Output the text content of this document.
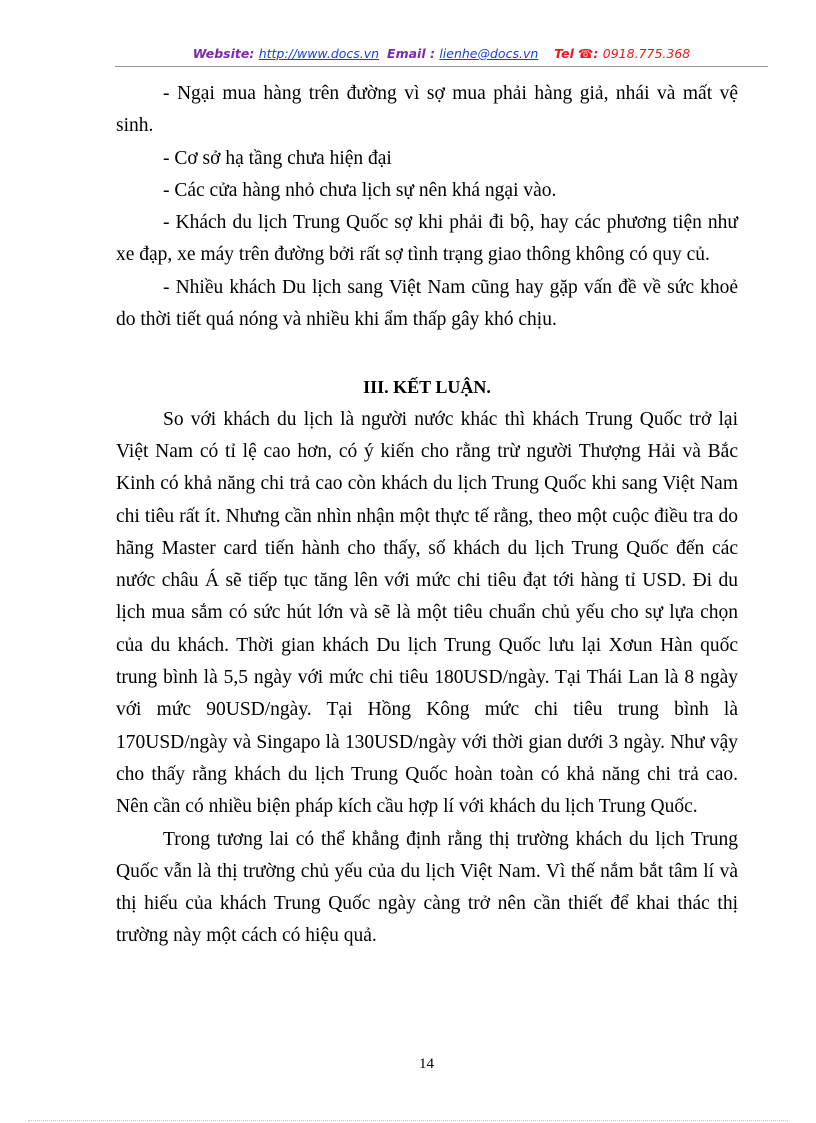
Website: http://www.docs.vn Email : lienhe@docs.vn Tel ☎: 0918.775.368

- Ngại mua hàng trên đường vì sợ mua phải hàng giả, nhái và mất vệ sinh.

- Cơ sở hạ tầng chưa hiện đại

- Các cửa hàng nhỏ chưa lịch sự nên khá ngại vào.

- Khách du lịch Trung Quốc sợ khi phải đi bộ, hay các phương tiện như xe đạp, xe máy trên đường bởi rất sợ tình trạng giao thông không có quy củ.

- Nhiều khách Du lịch sang Việt Nam cũng hay gặp vấn đề về sức khoẻ do thời tiết quá nóng và nhiều khi ẩm thấp gây khó chịu.

III. KẾT LUẬN.

So với khách du lịch là người nước khác thì khách Trung Quốc trở lại Việt Nam có tỉ lệ cao hơn, có ý kiến cho rằng trừ người Thượng Hải và Bắc Kinh có khả năng chi trả cao còn khách du lịch Trung Quốc khi sang Việt Nam chi tiêu rất ít. Nhưng cần nhìn nhận một thực tế rằng, theo một cuộc điều tra do hãng Master card tiến hành cho thấy, số khách du lịch Trung Quốc đến các nước châu Á sẽ tiếp tục tăng lên với mức chi tiêu đạt tới hàng tỉ USD. Đi du lịch mua sắm có sức hút lớn và sẽ là một tiêu chuẩn chủ yếu cho sự lựa chọn của du khách. Thời gian khách Du lịch Trung Quốc lưu lại Xơun Hàn quốc trung bình là 5,5 ngày với mức chi tiêu 180USD/ngày. Tại Thái Lan là 8 ngày với mức 90USD/ngày. Tại Hồng Kông mức chi tiêu trung bình là 170USD/ngày và Singapo là 130USD/ngày với thời gian dưới 3 ngày. Như vậy cho thấy rằng khách du lịch Trung Quốc hoàn toàn có khả năng chi trả cao. Nên cần có nhiều biện pháp kích cầu hợp lí với khách du lịch Trung Quốc.

Trong tương lai có thể khẳng định rằng thị trường khách du lịch Trung Quốc vẫn là thị trường chủ yếu của du lịch Việt Nam. Vì thế nắm bắt tâm lí và thị hiếu của khách Trung Quốc ngày càng trở nên cần thiết để khai thác thị trường này một cách có hiệu quả.

14
